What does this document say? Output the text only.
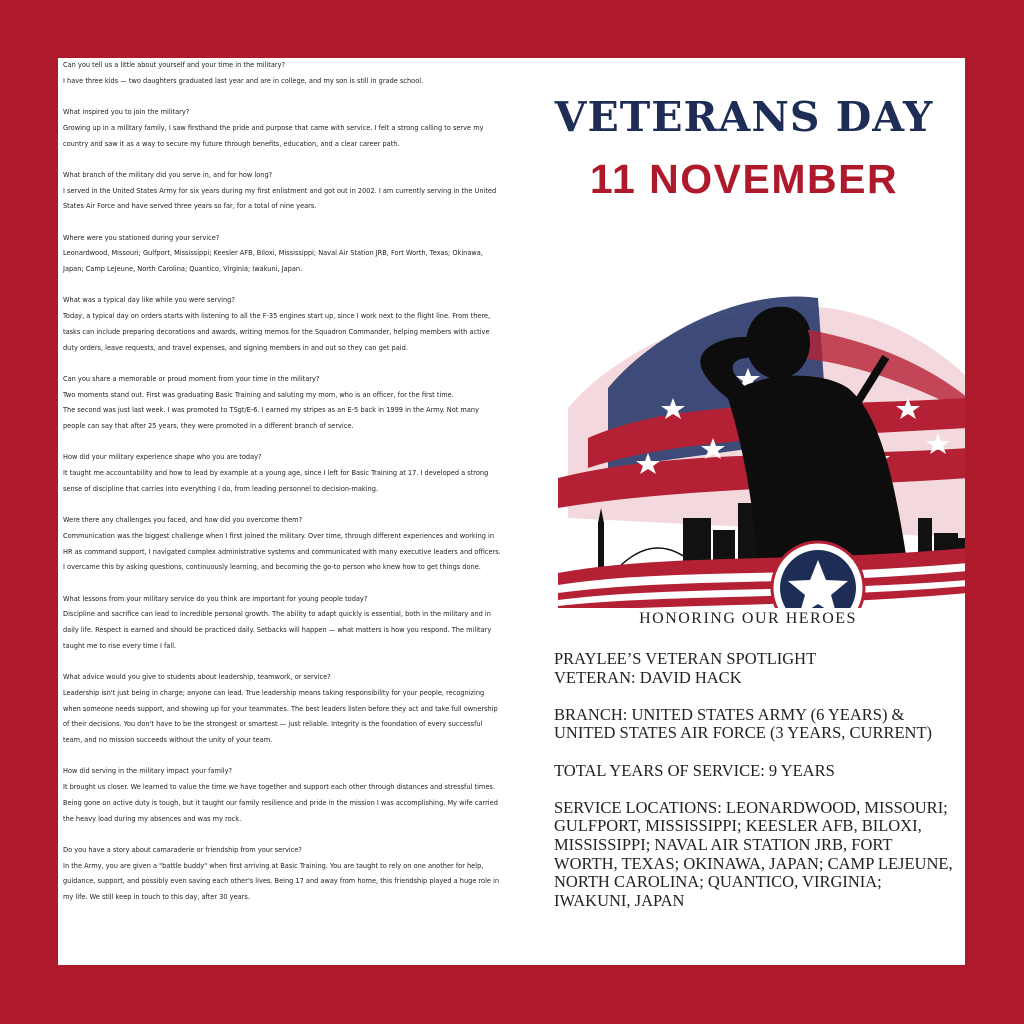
Can you tell us a little about yourself and your time in the military?

I have three kids — two daughters graduated last year and are in college, and my son is still in grade school.

What inspired you to join the military?

Growing up in a military family, I saw firsthand the pride and purpose that came with service. I felt a strong calling to serve my country and saw it as a way to secure my future through benefits, education, and a clear career path.

What branch of the military did you serve in, and for how long?

I served in the United States Army for six years during my first enlistment and got out in 2002. I am currently serving in the United States Air Force and have served three years so far, for a total of nine years.

Where were you stationed during your service?

Leonardwood, Missouri; Gulfport, Mississippi; Keesler AFB, Biloxi, Mississippi; Naval Air Station JRB, Fort Worth, Texas; Okinawa, Japan; Camp LeJeune, North Carolina; Quantico, Virginia; Iwakuni, Japan.

What was a typical day like while you were serving?

Today, a typical day on orders starts with listening to all the F-35 engines start up, since I work next to the flight line. From there, tasks can include preparing decorations and awards, writing memos for the Squadron Commander, helping members with active duty orders, leave requests, and travel expenses, and signing members in and out so they can get paid.

Can you share a memorable or proud moment from your time in the military?

Two moments stand out. First was graduating Basic Training and saluting my mom, who is an officer, for the first time.

The second was just last week. I was promoted to TSgt/E-6. I earned my stripes as an E-5 back in 1999 in the Army. Not many people can say that after 25 years, they were promoted in a different branch of service.

How did your military experience shape who you are today?

It taught me accountability and how to lead by example at a young age, since I left for Basic Training at 17. I developed a strong sense of discipline that carries into everything I do, from leading personnel to decision-making.

Were there any challenges you faced, and how did you overcome them?

Communication was the biggest challenge when I first joined the military. Over time, through different experiences and working in HR as command support, I navigated complex administrative systems and communicated with many executive leaders and officers. I overcame this by asking questions, continuously learning, and becoming the go-to person who knew how to get things done.

What lessons from your military service do you think are important for young people today?

Discipline and sacrifice can lead to incredible personal growth. The ability to adapt quickly is essential, both in the military and in daily life. Respect is earned and should be practiced daily. Setbacks will happen — what matters is how you respond. The military taught me to rise every time I fall.

What advice would you give to students about leadership, teamwork, or service?

Leadership isn't just being in charge; anyone can lead. True leadership means taking responsibility for your people, recognizing when someone needs support, and showing up for your teammates. The best leaders listen before they act and take full ownership of their decisions. You don't have to be the strongest or smartest — just reliable. Integrity is the foundation of every successful team, and no mission succeeds without the unity of your team.

How did serving in the military impact your family?

It brought us closer. We learned to value the time we have together and support each other through distances and stressful times. Being gone on active duty is tough, but it taught our family resilience and pride in the mission I was accomplishing. My wife carried the heavy load during my absences and was my rock.

Do you have a story about camaraderie or friendship from your service?

In the Army, you are given a "battle buddy" when first arriving at Basic Training. You are taught to rely on one another for help, guidance, support, and possibly even saving each other's lives. Being 17 and away from home, this friendship played a huge role in my life. We still keep in touch to this day, after 30 years.

VETERANS DAY
11 NOVEMBER

HONORING OUR HEROES

PRAYLEE’S VETERAN SPOTLIGHT
VETERAN: DAVID HACK

BRANCH: UNITED STATES ARMY (6 YEARS) & UNITED STATES AIR FORCE (3 YEARS, CURRENT)

TOTAL YEARS OF SERVICE: 9 YEARS

SERVICE LOCATIONS: LEONARDWOOD, MISSOURI; GULFPORT, MISSISSIPPI; KEESLER AFB, BILOXI, MISSISSIPPI; NAVAL AIR STATION JRB, FORT WORTH, TEXAS; OKINAWA, JAPAN; CAMP LEJEUNE, NORTH CAROLINA; QUANTICO, VIRGINIA; IWAKUNI, JAPAN
